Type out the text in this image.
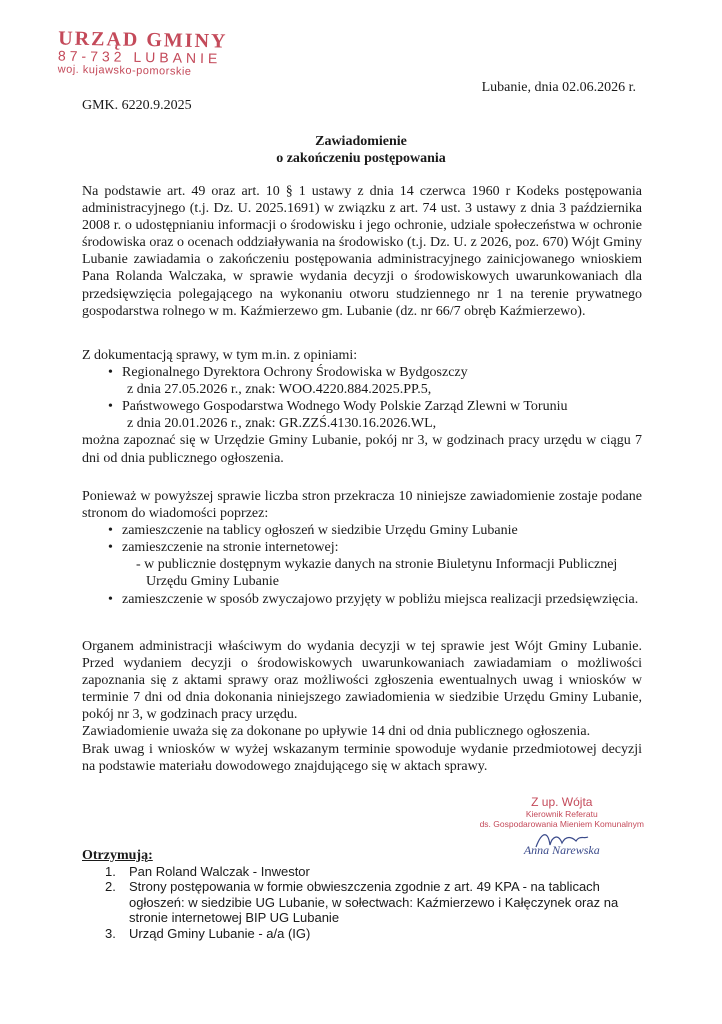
URZĄD GMINY
87-732 LUBANIE
woj. kujawsko-pomorskie
Lubanie, dnia 02.06.2026 r.
GMK. 6220.9.2025
Zawiadomienie
o zakończeniu postępowania
Na podstawie art. 49 oraz art. 10 § 1 ustawy z dnia 14 czerwca 1960 r Kodeks postępowania administracyjnego (t.j. Dz. U. 2025.1691) w związku z art. 74 ust. 3 ustawy z dnia 3 października 2008 r. o udostępnianiu informacji o środowisku i jego ochronie, udziale społeczeństwa w ochronie środowiska oraz o ocenach oddziaływania na środowisko (t.j. Dz. U. z 2026, poz. 670) Wójt Gminy Lubanie zawiadamia o zakończeniu postępowania administracyjnego zainicjowanego wnioskiem Pana Rolanda Walczaka, w sprawie wydania decyzji o środowiskowych uwarunkowaniach dla przedsięwzięcia polegającego na wykonaniu otworu studziennego nr 1 na terenie prywatnego gospodarstwa rolnego w m. Kaźmierzewo gm. Lubanie (dz. nr 66/7 obręb Kaźmierzewo).
Z dokumentacją sprawy, w tym m.in. z opiniami:
• Regionalnego Dyrektora Ochrony Środowiska w Bydgoszczy
z dnia 27.05.2026 r., znak: WOO.4220.884.2025.PP.5,
• Państwowego Gospodarstwa Wodnego Wody Polskie Zarząd Zlewni w Toruniu
z dnia 20.01.2026 r., znak: GR.ZZŚ.4130.16.2026.WL,
można zapoznać się w Urzędzie Gminy Lubanie, pokój nr 3, w godzinach pracy urzędu w ciągu 7 dni od dnia publicznego ogłoszenia.
Ponieważ w powyższej sprawie liczba stron przekracza 10 niniejsze zawiadomienie zostaje podane stronom do wiadomości poprzez:
• zamieszczenie na tablicy ogłoszeń w siedzibie Urzędu Gminy Lubanie
• zamieszczenie na stronie internetowej:
- w publicznie dostępnym wykazie danych na stronie Biuletynu Informacji Publicznej
Urzędu Gminy Lubanie
• zamieszczenie w sposób zwyczajowo przyjęty w pobliżu miejsca realizacji przedsięwzięcia.
Organem administracji właściwym do wydania decyzji w tej sprawie jest Wójt Gminy Lubanie. Przed wydaniem decyzji o środowiskowych uwarunkowaniach zawiadamiam o możliwości zapoznania się z aktami sprawy oraz możliwości zgłoszenia ewentualnych uwag i wniosków w terminie 7 dni od dnia dokonania niniejszego zawiadomienia w siedzibie Urzędu Gminy Lubanie, pokój nr 3, w godzinach pracy urzędu.
Zawiadomienie uważa się za dokonane po upływie 14 dni od dnia publicznego ogłoszenia.
Brak uwag i wniosków w wyżej wskazanym terminie spowoduje wydanie przedmiotowej decyzji na podstawie materiału dowodowego znajdującego się w aktach sprawy.
Z up. Wójta
Kierownik Referatu
ds. Gospodarowania Mieniem Komunalnym
Anna Narewska
Otrzymują:
1. Pan Roland Walczak - Inwestor
2. Strony postępowania w formie obwieszczenia zgodnie z art. 49 KPA - na tablicach ogłoszeń: w siedzibie UG Lubanie, w sołectwach: Kaźmierzewo i Kałęczynek oraz na stronie internetowej BIP UG Lubanie
3. Urząd Gminy Lubanie - a/a (IG)
